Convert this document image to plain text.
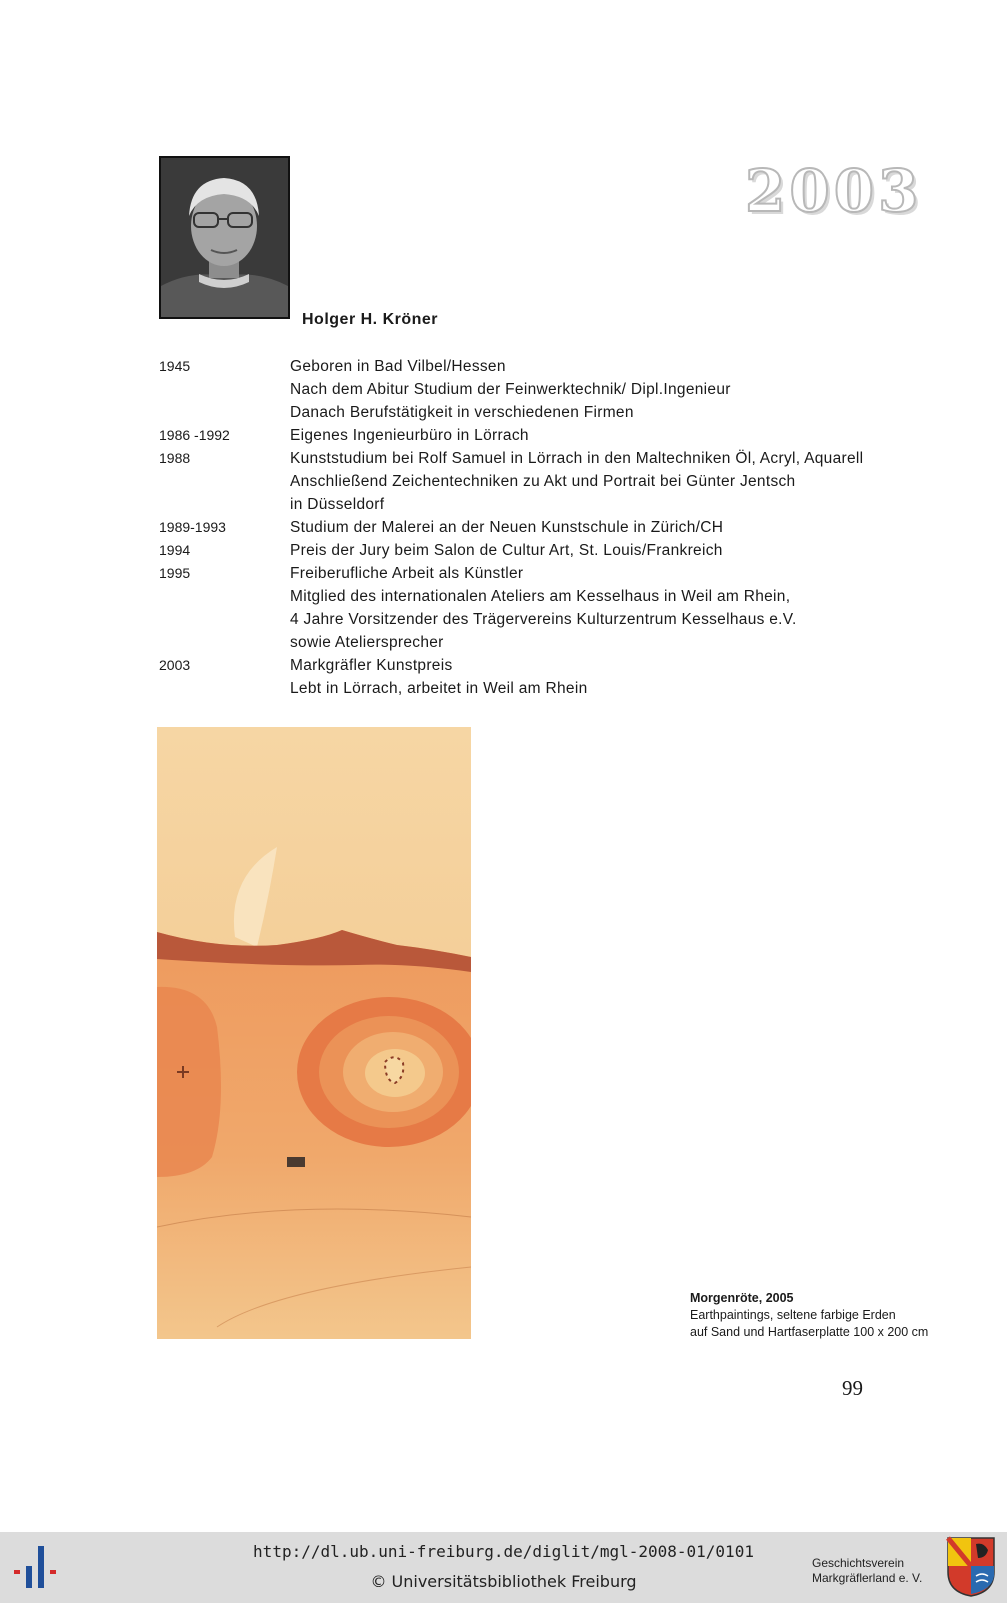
2003
Holger H. Kröner
1945	Geboren in Bad Vilbel/Hessen
Nach dem Abitur Studium der Feinwerktechnik/ Dipl.Ingenieur
Danach Berufstätigkeit in verschiedenen Firmen
1986 -1992	Eigenes Ingenieurbüro in Lörrach
1988	Kunststudium bei Rolf Samuel in Lörrach in den Maltechniken Öl, Acryl, Aquarell
Anschließend Zeichentechniken zu Akt und Portrait bei Günter Jentsch
in Düsseldorf
1989-1993	Studium der Malerei an der Neuen Kunstschule in Zürich/CH
1994	Preis der Jury beim Salon de Cultur Art, St. Louis/Frankreich
1995	Freiberufliche Arbeit als Künstler
Mitglied des internationalen Ateliers am Kesselhaus in Weil am Rhein,
4 Jahre Vorsitzender des Trägervereins Kulturzentrum Kesselhaus e.V.
sowie Ateliersprecher
2003	Markgräfler Kunstpreis
Lebt in Lörrach, arbeitet in Weil am Rhein
Morgenröte, 2005
Earthpaintings, seltene farbige Erden
auf Sand und Hartfaserplatte 100 x 200 cm
99
http://dl.ub.uni-freiburg.de/diglit/mgl-2008-01/0101
© Universitätsbibliothek Freiburg
Geschichtsverein
Markgräflerland e. V.
